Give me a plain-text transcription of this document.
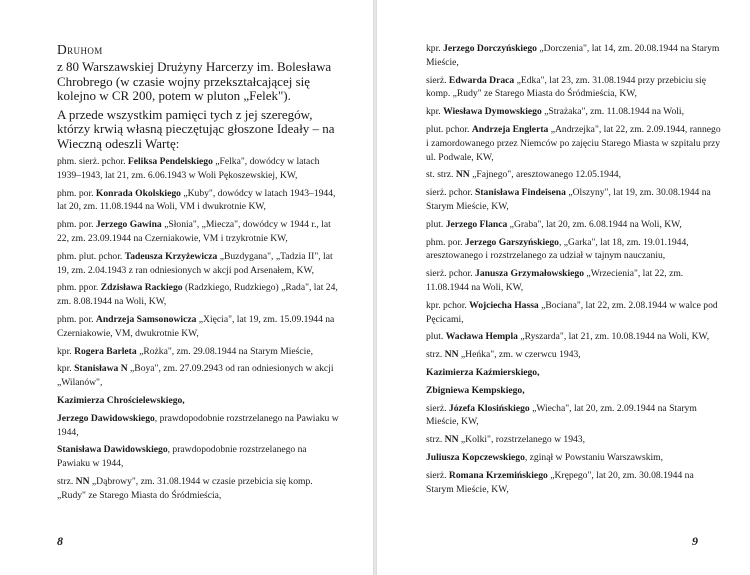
Druhom

z 80 Warszawskiej Drużyny Harcerzy im. Bolesława Chrobrego (w czasie wojny przekształcającej się kolejno w CR 200, potem w pluton „Felek").

A przede wszystkim pamięci tych z jej szeregów, którzy krwią własną pieczętując głoszone Ideały – na Wieczną odeszli Wartę:

phm. sierż. pchor. Feliksa Pendelskiego „Felka", dowódcy w latach 1939–1943, lat 21, zm. 6.06.1943 w Woli Pękoszewskiej, KW,

phm. por. Konrada Okolskiego „Kuby", dowódcy w latach 1943–1944, lat 20, zm. 11.08.1944 na Woli, VM i dwukrotnie KW,

phm. por. Jerzego Gawina „Słonia", „Miecza", dowódcy w 1944 r., lat 22, zm. 23.09.1944 na Czerniakowie, VM i trzykrotnie KW,

phm. plut. pchor. Tadeusza Krzyżewicza „Buzdygana", „Tadzia II", lat 19, zm. 2.04.1943 z ran odniesionych w akcji pod Arsenałem, KW,

phm. ppor. Zdzisława Rackiego (Radzkiego, Rudzkiego) „Rada", lat 24, zm. 8.08.1944 na Woli, KW,

phm. por. Andrzeja Samsonowicza „Xięcia", lat 19, zm. 15.09.1944 na Czerniakowie, VM, dwukrotnie KW,

kpr. Rogera Barleta „Rożka", zm. 29.08.1944 na Starym Mieście,

kpr. Stanisława N „Boya", zm. 27.09.2943 od ran odniesionych w akcji „Wilanów",

Kazimierza Chrościelewskiego,

Jerzego Dawidowskiego, prawdopodobnie rozstrzelanego na Pawiaku w 1944,

Stanisława Dawidowskiego, prawdopodobnie rozstrzelanego na Pawiaku w 1944,

strz. NN „Dąbrowy", zm. 31.08.1944 w czasie przebicia się komp. „Rudy" ze Starego Miasta do Śródmieścia,

8

kpr. Jerzego Dorczyńskiego „Dorczenia", lat 14, zm. 20.08.1944 na Starym Mieście,

sierż. Edwarda Draca „Edka", lat 23, zm. 31.08.1944 przy przebiciu się komp. „Rudy" ze Starego Miasta do Śródmieścia, KW,

kpr. Wiesława Dymowskiego „Strażaka", zm. 11.08.1944 na Woli,

plut. pchor. Andrzeja Englerta „Andrzejka", lat 22, zm. 2.09.1944, rannego i zamordowanego przez Niemców po zajęciu Starego Miasta w szpitalu przy ul. Podwale, KW,

st. strz. NN „Fajnego", aresztowanego 12.05.1944,

sierż. pchor. Stanisława Findeisena „Olszyny", lat 19, zm. 30.08.1944 na Starym Mieście, KW,

plut. Jerzego Flanca „Graba", lat 20, zm. 6.08.1944 na Woli, KW,

phm. por. Jerzego Garszyńskiego, „Garka", lat 18, zm. 19.01.1944, aresztowanego i rozstrzelanego za udział w tajnym nauczaniu,

sierż. pchor. Janusza Grzymałowskiego „Wrzecienia", lat 22, zm. 11.08.1944 na Woli, KW,

kpr. pchor. Wojciecha Hassa „Bociana", lat 22, zm. 2.08.1944 w walce pod Pęcicami,

plut. Wacława Hempla „Ryszarda", lat 21, zm. 10.08.1944 na Woli, KW,

strz. NN „Heńka", zm. w czerwcu 1943,

Kazimierza Kaźmierskiego,

Zbigniewa Kempskiego,

sierż. Józefa Klosińskiego „Wiecha", lat 20, zm. 2.09.1944 na Starym Mieście, KW,

strz. NN „Kolki", rozstrzelanego w 1943,

Juliusza Kopczewskiego, zginął w Powstaniu Warszawskim,

sierż. Romana Krzemińskiego „Krępego", lat 20, zm. 30.08.1944 na Starym Mieście, KW,

9
